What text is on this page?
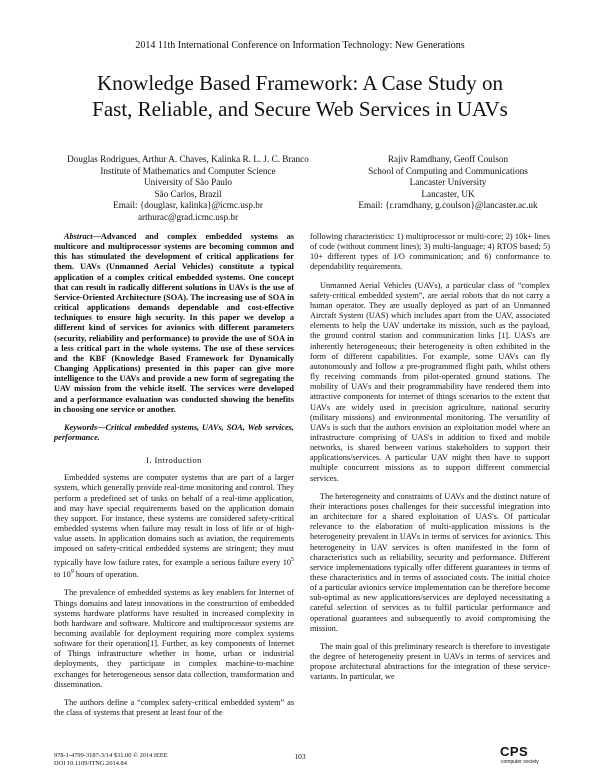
2014 11th International Conference on Information Technology: New Generations
Knowledge Based Framework: A Case Study on
Fast, Reliable, and Secure Web Services in UAVs
Douglas Rodrigues, Arthur A. Chaves, Kalinka R. L. J. C. Branco
Institute of Mathematics and Computer Science
University of São Paulo
São Carlos, Brazil
Email: {douglasr, kalinka}@icmc.usp.br
arthurac@grad.icmc.usp.br
Rajiv Ramdhany, Geoff Coulson
School of Computing and Communications
Lancaster University
Lancaster, UK
Email: {r.ramdhany, g.coulson}@lancaster.ac.uk

Abstract—Advanced and complex embedded systems as multicore and multiprocessor systems are becoming common and this has stimulated the development of critical applications for them. UAVs (Unmanned Aerial Vehicles) constitute a typical application of a complex critical embedded systems. One concept that can result in radically different solutions in UAVs is the use of Service-Oriented Architecture (SOA). The increasing use of SOA in critical applications demands dependable and cost-effective techniques to ensure high security. In this paper we develop a different kind of services for avionics with different parameters (security, reliability and performance) to provide the use of SOA in a less critical part in the whole systems. The use of these services and the KBF (Knowledge Based Framework for Dynamically Changing Applications) presented in this paper can give more intelligence to the UAVs and provide a new form of segregating the UAV mission from the vehicle itself. The services were developed and a performance evaluation was conducted showing the benefits in choosing one service or another.

Keywords—Critical embedded systems, UAVs, SOA, Web services, performance.

I. Introduction

Embedded systems are computer systems that are part of a larger system, which generally provide real-time monitoring and control. They perform a predefined set of tasks on behalf of a real-time application, and may have special requirements based on the application domain they support. For instance, these systems are considered safety-critical embedded systems when failure may result in loss of life or of high-value assets. In application domains such as aviation, the requirements imposed on safety-critical embedded systems are stringent; they must typically have low failure rates, for example a serious failure every $10^5$ to $10^9$ hours of operation.

The prevalence of embedded systems as key enablers for Internet of Things domains and latest innovations in the construction of embedded systems hardware platforms have resulted in increased complexity in both hardware and software. Multicore and multiprocessor systems are becoming available for deployment requiring more complex systems software for their operation[1]. Further, as key components of Internet of Things infrastructure whether in home, urban or industrial deployments, they participate in complex machine-to-machine exchanges for heterogeneous sensor data collection, transformation and dissemination.

The authors define a “complex safety-critical embedded system” as the class of systems that present at least four of the

following characteristics: 1) multiprocessor or multi-core; 2) 10k+ lines of code (without comment lines); 3) multi-language; 4) RTOS based; 5) 10+ different types of I/O communication; and 6) conformance to dependability requirements.

Unmanned Aerial Vehicles (UAVs), a particular class of “complex safety-critical embedded system”, are aerial robots that do not carry a human operator. They are usually deployed as part of an Unmanned Aircraft System (UAS) which includes apart from the UAV, associated elements to help the UAV undertake its mission, such as the payload, the ground control station and communication links [1]. UAS's are inherently heterogeneous; their heterogeneity is often exhibited in the form of different capabilities. For example, some UAVs can fly autonomously and follow a pre-programmed flight path, whilst others fly receiving commands from pilot-operated ground stations. The mobility of UAVs and their programmability have rendered them into attractive components for internet of things scenarios to the extent that UAVs are widely used in precision agriculture, national security (military missions) and environmental monitoring. The versatility of UAVs is such that the authors envision an exploitation model where an infrastructure comprising of UAS's in addition to fixed and mobile networks, is shared between various stakeholders to support their applications/services. A particular UAV might then have to support multiple concurrent missions as to support different commercial services.

The heterogeneity and constraints of UAVs and the distinct nature of their interactions poses challenges for their successful integration into an architecture for a shared exploitation of UAS's. Of particular relevance to the elaboration of multi-application missions is the heterogeneity prevalent in UAVs in terms of services for avionics. This heterogeneity in UAV services is often manifested in the form of characteristics such as reliability, security and performance. Different service implementations typically offer different guarantees in terms of these characteristics and in terms of associated costs. The initial choice of a particular avionics service implementation can be therefore become sub-optimal as new applications/services are deployed necessitating a careful selection of services as to fulfil particular performance and operational guarantees and subsequently to avoid compromising the mission.

The main goal of this preliminary research is therefore to investigate the degree of heterogeneity present in UAVs in terms of services and propose architectural abstractions for the integration of these service-variants. In particular, we

978-1-4799-3187-3/14 $31.00 © 2014 IEEE
DOI 10.1109/ITNG.2014.84
103	CPS
computer society
